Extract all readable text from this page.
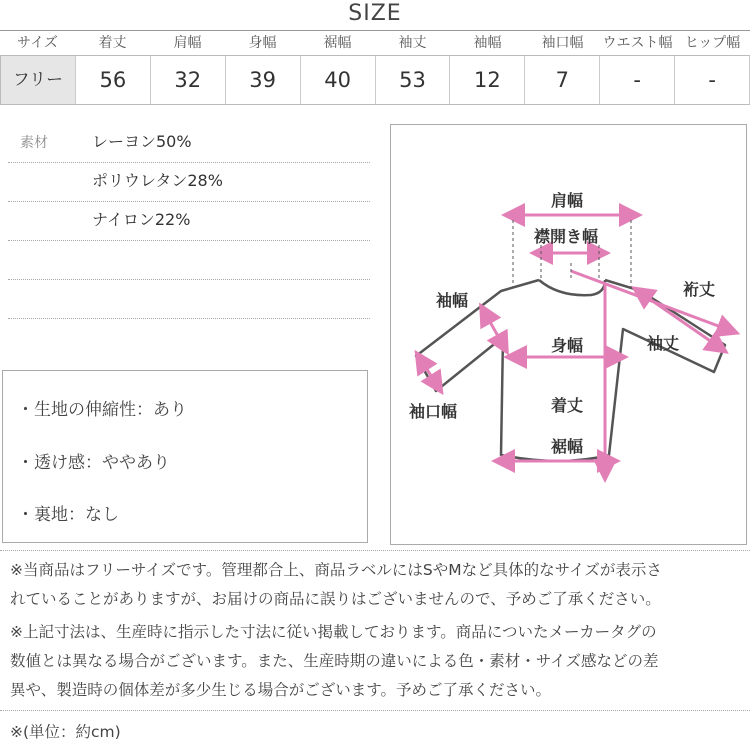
SIZE
サイズ	着丈	肩幅	身幅	裾幅	袖丈	袖幅	袖口幅	ウエスト幅 ヒップ幅
フリー	56	32	39	40	53	12	7	-	-
素材	レーヨン50%
ポリウレタン28%
ナイロン22%
・生地の伸縮性：あり
・透け感：ややあり
・裏地：なし
肩幅
襟開き幅
裄丈
袖幅
袖丈
身幅
袖口幅	着丈
裾幅
※当商品はフリーサイズです。管理都合上、商品ラベルにはSやMなど具体的なサイズが表示さ
れていることがありますが、お届けの商品に誤りはございませんので、予めご了承ください。
※上記寸法は、生産時に指示した寸法に従い掲載しております。商品についたメーカータグの
数値とは異なる場合がございます。また、生産時期の違いによる色・素材・サイズ感などの差
異や、製造時の個体差が多少生じる場合がございます。予めご了承ください。
※(単位：約cm)
